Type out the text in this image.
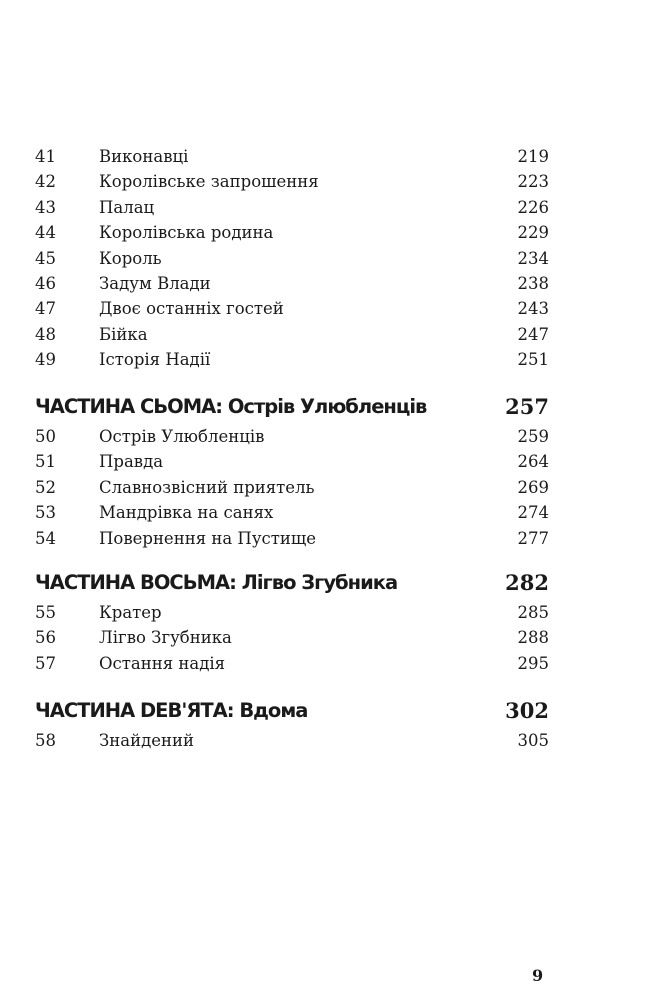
41	Виконавці	219
42	Королівське запрошення	223
43	Палац	226
44	Королівська родина	229
45	Король	234
46	Задум Влади	238
47	Двоє останніх гостей	243
48	Бійка	247
49	Історія Надії	251
ЧАСТИНА СЬОМА: Острів Улюбленців	257
50	Острів Улюбленців	259
51	Правда	264
52	Славнозвісний приятель	269
53	Мандрівка на санях	274
54	Повернення на Пустище	277
ЧАСТИНА ВОСЬМА: Лігво Згубника	282
55	Кратер	285
56	Лігво Згубника	288
57	Остання надія	295
ЧАСТИНА DЕВ'ЯТА: Вдома	302
58	Знайдений	305
9
